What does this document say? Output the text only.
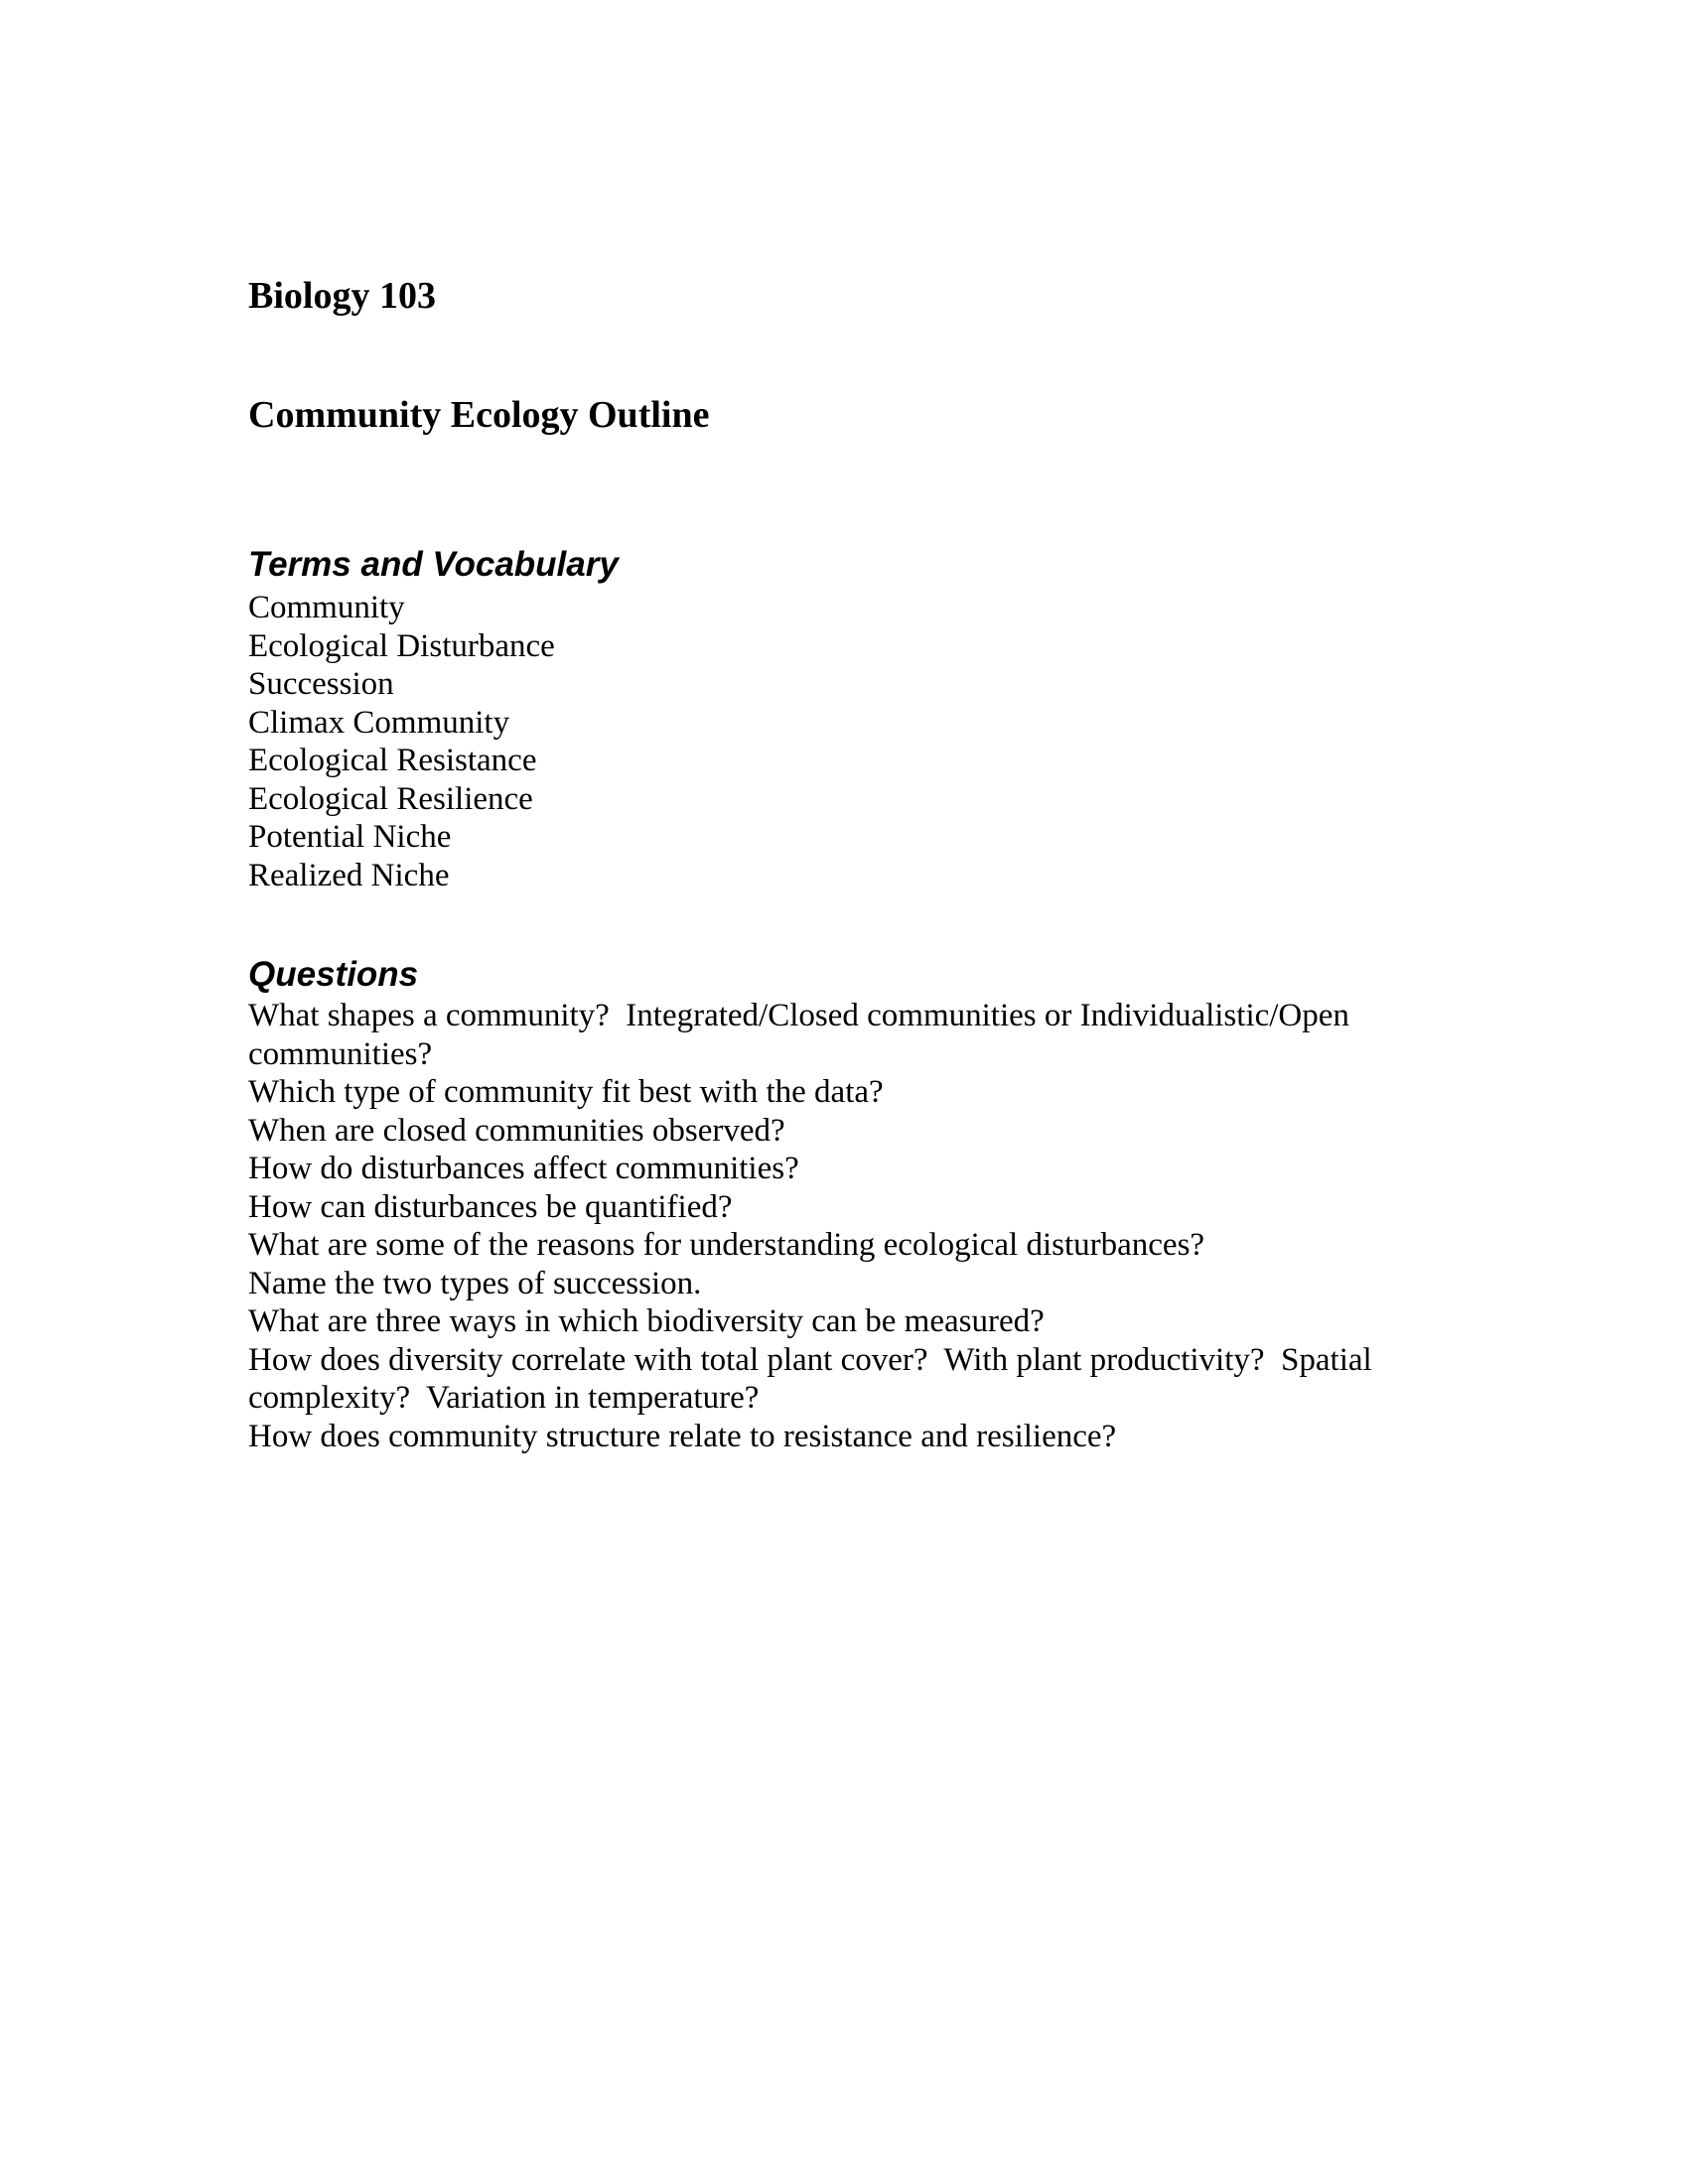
Biology 103

Community Ecology Outline

Terms and Vocabulary
Community
Ecological Disturbance
Succession
Climax Community
Ecological Resistance
Ecological Resilience
Potential Niche
Realized Niche
Questions
What shapes a community?  Integrated/Closed communities or Individualistic/Open communities?
Which type of community fit best with the data?
When are closed communities observed?
How do disturbances affect communities?
How can disturbances be quantified?
What are some of the reasons for understanding ecological disturbances?
Name the two types of succession.
What are three ways in which biodiversity can be measured?
How does diversity correlate with total plant cover?  With plant productivity?  Spatial complexity?  Variation in temperature?
How does community structure relate to resistance and resilience?
